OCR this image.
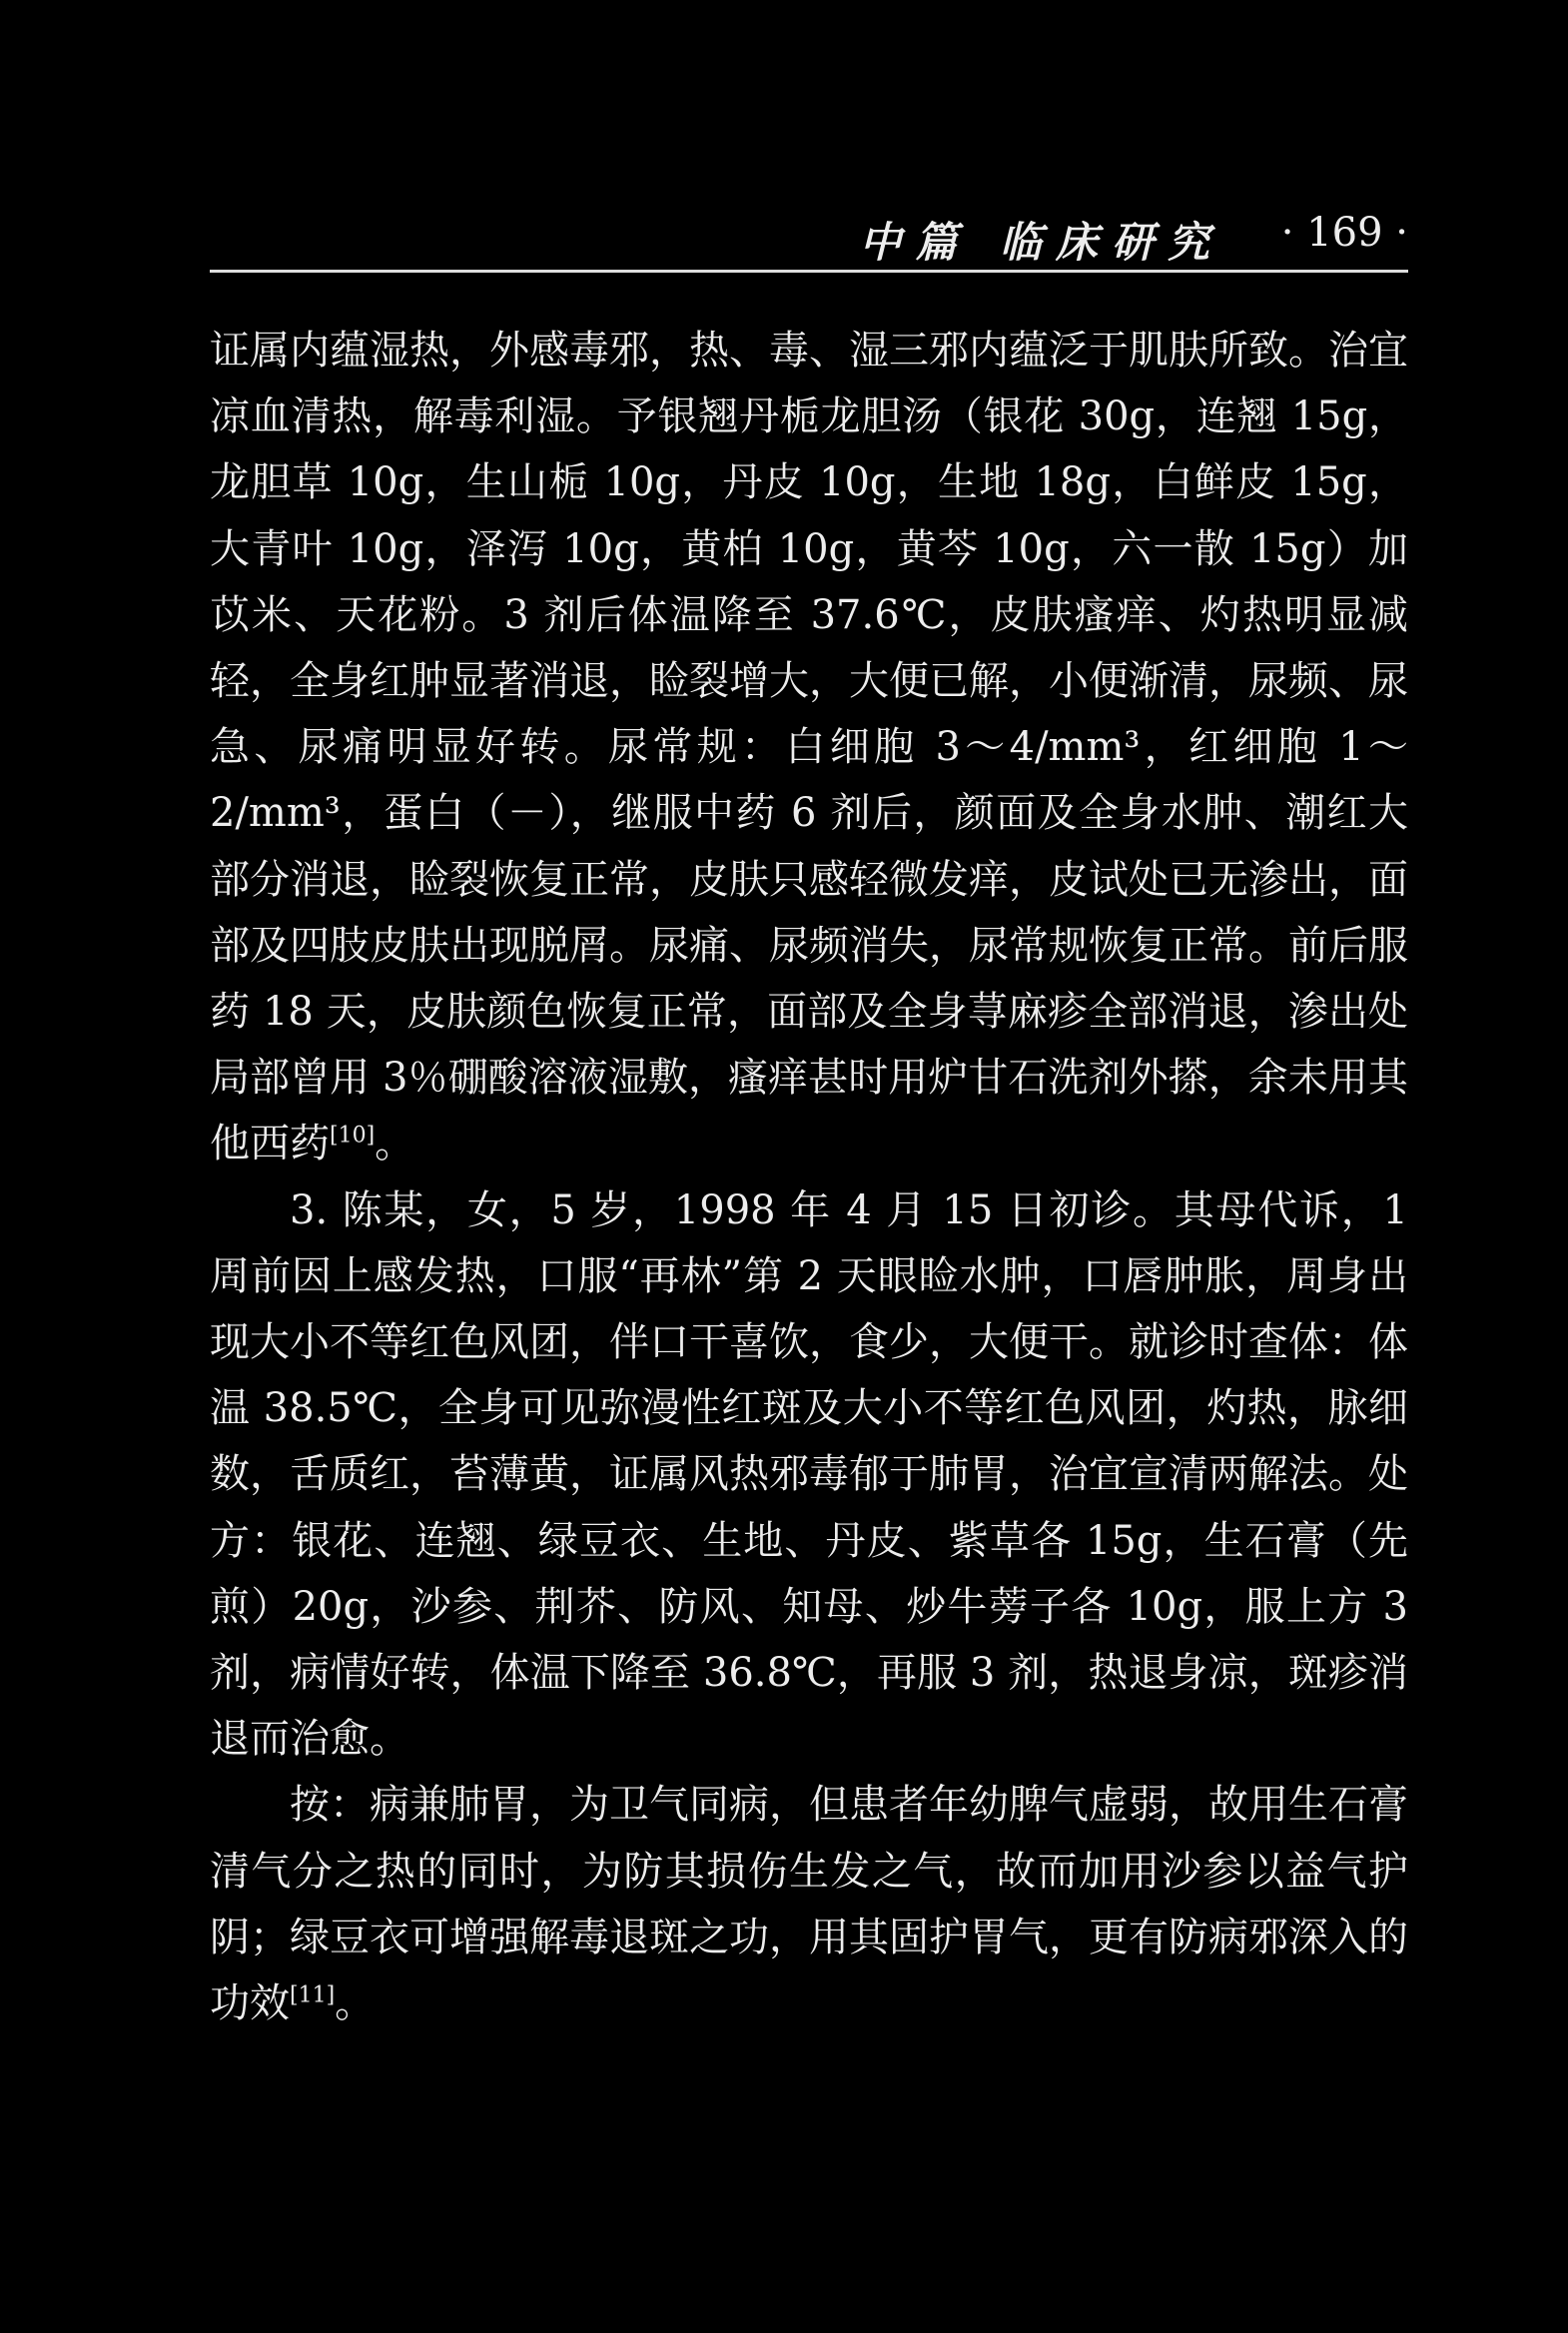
中篇 临床研究 · 169 ·

证属内蕴湿热，外感毒邪，热、毒、湿三邪内蕴泛于肌肤所致。治宜凉血清热，解毒利湿。予银翘丹栀龙胆汤（银花 30g，连翘 15g，龙胆草 10g，生山栀 10g，丹皮 10g，生地 18g，白鲜皮 15g，大青叶 10g，泽泻 10g，黄柏 10g，黄芩 10g，六一散 15g）加苡米、天花粉。3 剂后体温降至 37.6℃，皮肤瘙痒、灼热明显减轻，全身红肿显著消退，睑裂增大，大便已解，小便渐清，尿频、尿急、尿痛明显好转。尿常规：白细胞 3～4/mm³，红细胞 1～2/mm³，蛋白（－），继服中药 6 剂后，颜面及全身水肿、潮红大部分消退，睑裂恢复正常，皮肤只感轻微发痒，皮试处已无渗出，面部及四肢皮肤出现脱屑。尿痛、尿频消失，尿常规恢复正常。前后服药 18 天，皮肤颜色恢复正常，面部及全身荨麻疹全部消退，渗出处局部曾用 3％硼酸溶液湿敷，瘙痒甚时用炉甘石洗剂外搽，余未用其他西药[10]。

3. 陈某，女，5 岁，1998 年 4 月 15 日初诊。其母代诉，1 周前因上感发热，口服“再林”第 2 天眼睑水肿，口唇肿胀，周身出现大小不等红色风团，伴口干喜饮，食少，大便干。就诊时查体：体温 38.5℃，全身可见弥漫性红斑及大小不等红色风团，灼热，脉细数，舌质红，苔薄黄，证属风热邪毒郁于肺胃，治宜宣清两解法。处方：银花、连翘、绿豆衣、生地、丹皮、紫草各 15g，生石膏（先煎）20g，沙参、荆芥、防风、知母、炒牛蒡子各 10g，服上方 3 剂，病情好转，体温下降至 36.8℃，再服 3 剂，热退身凉，斑疹消退而治愈。

按：病兼肺胃，为卫气同病，但患者年幼脾气虚弱，故用生石膏清气分之热的同时，为防其损伤生发之气，故而加用沙参以益气护阴；绿豆衣可增强解毒退斑之功，用其固护胃气，更有防病邪深入的功效[11]。
